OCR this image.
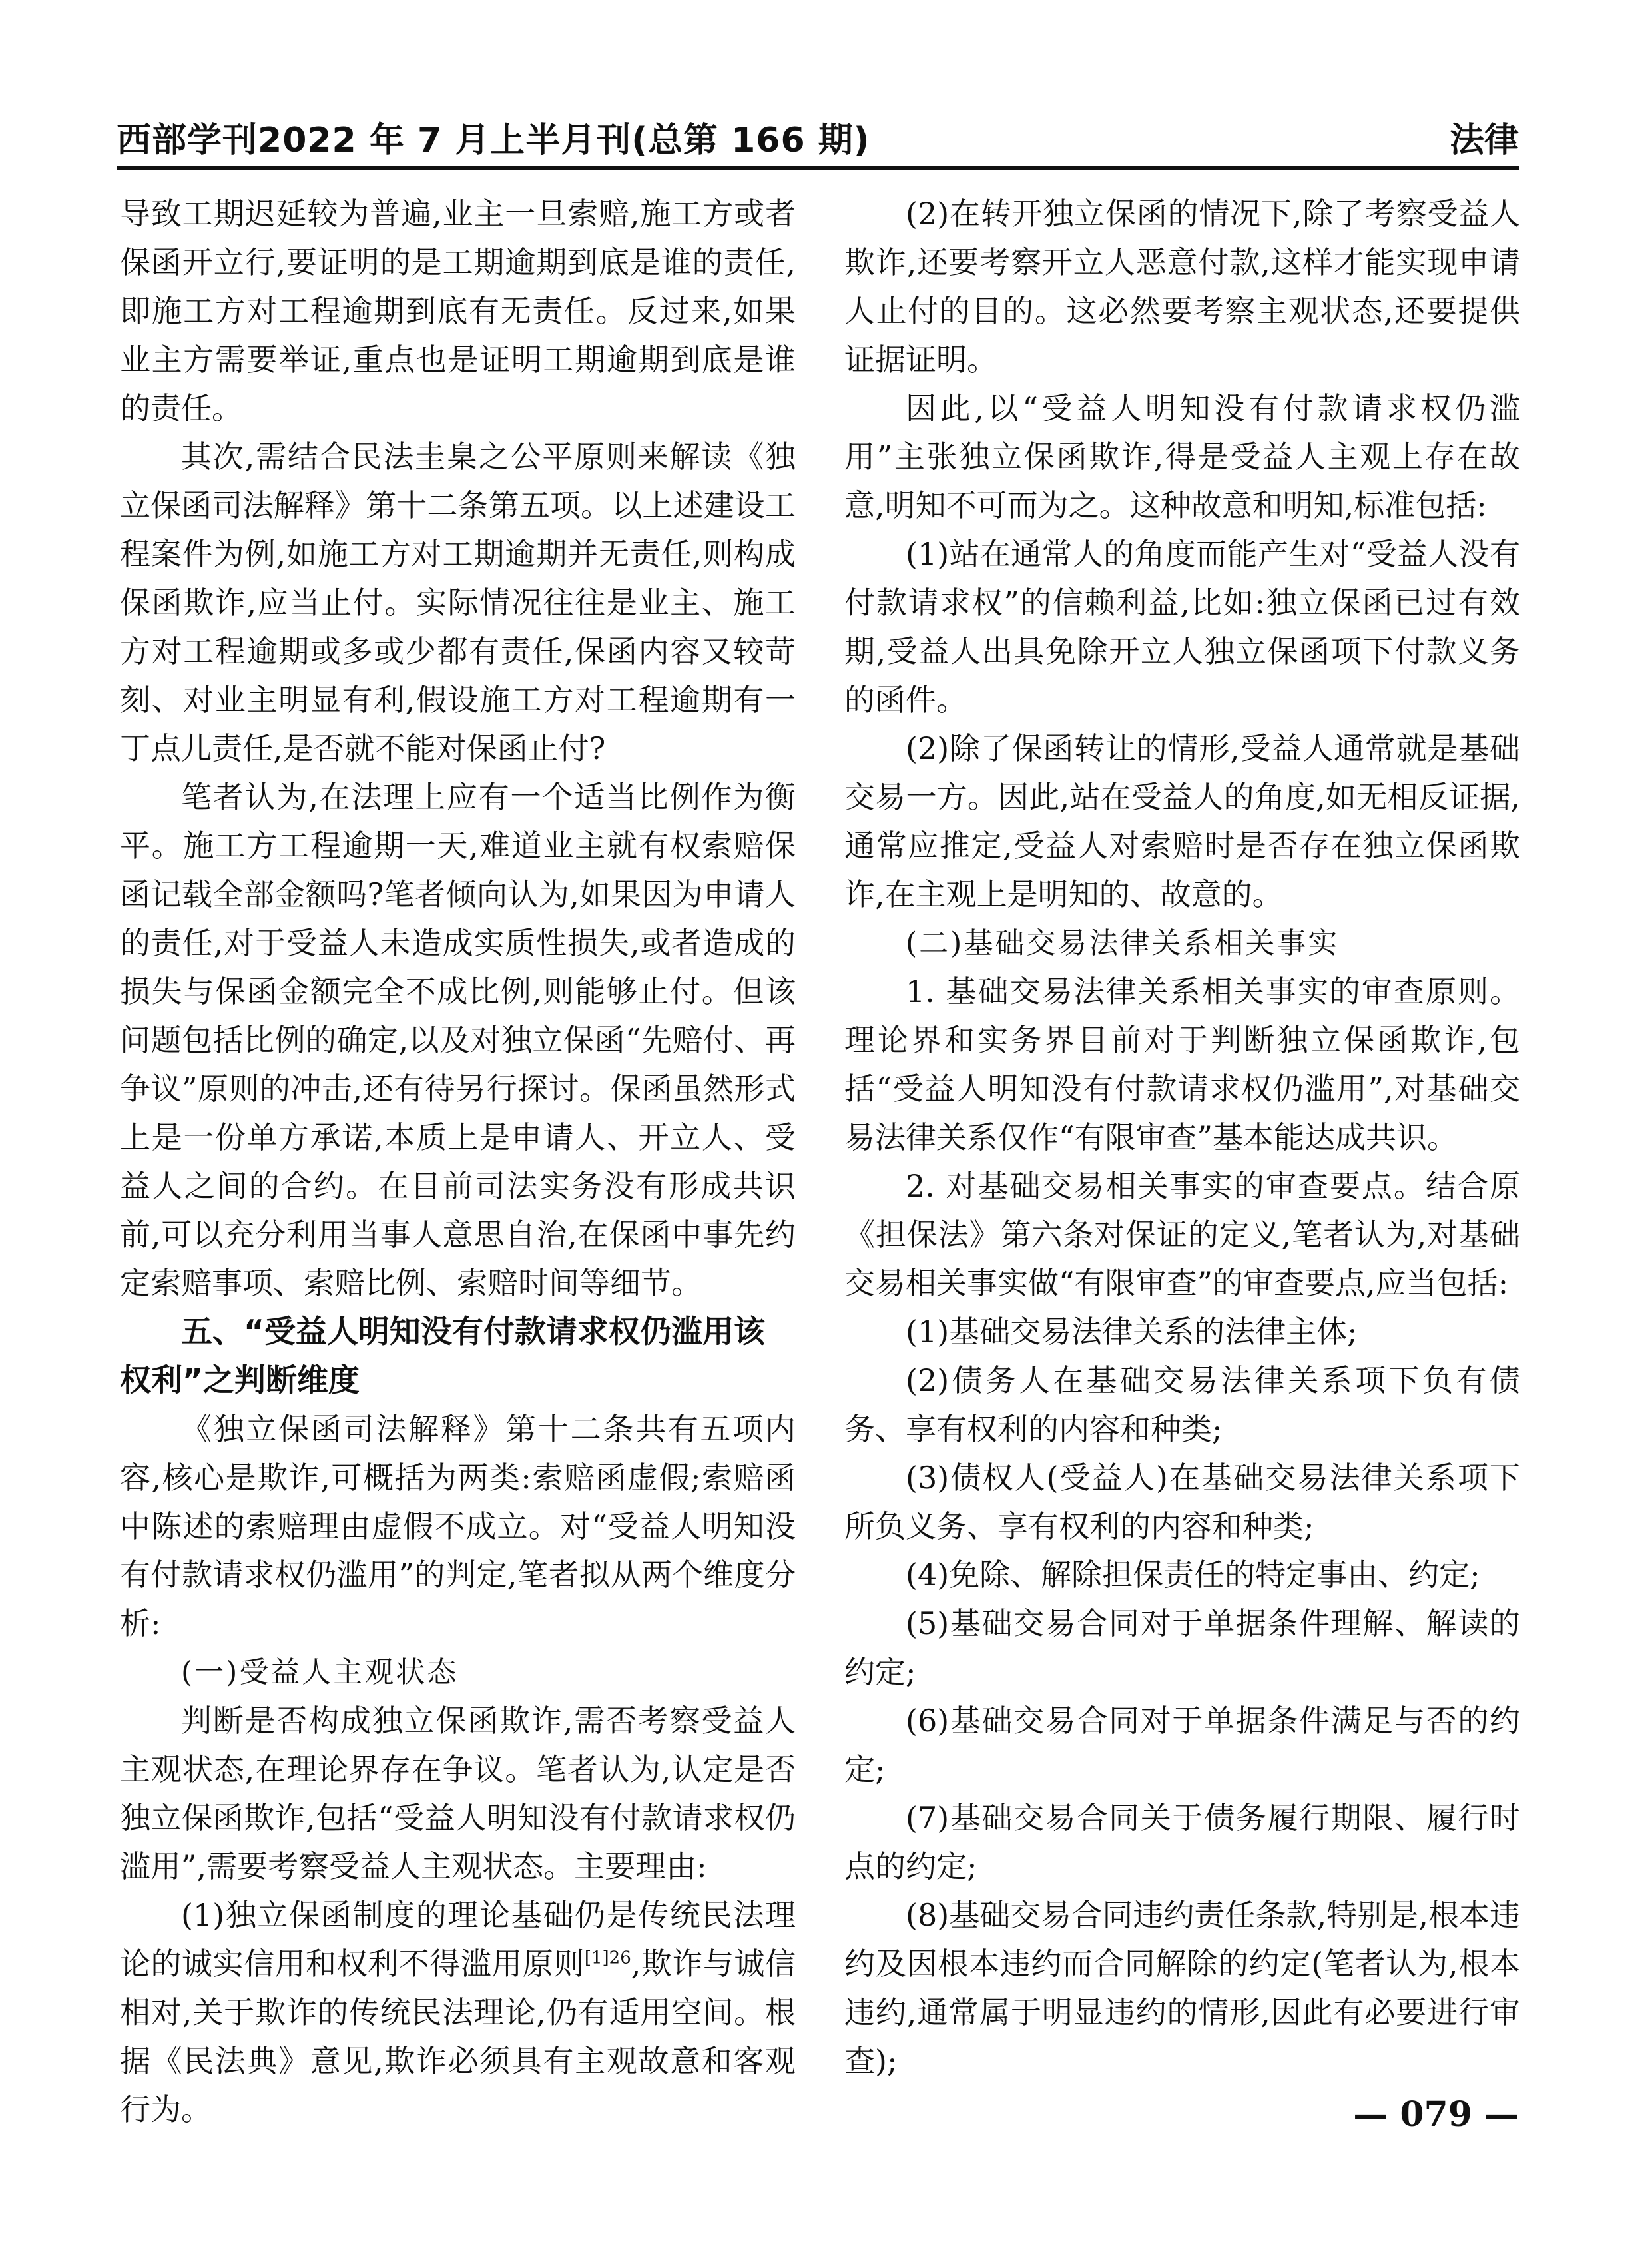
西部学刊2022 年 7 月上半月刊(总第 166 期)	法律

导致工期迟延较为普遍,业主一旦索赔,施工方或者保函开立行,要证明的是工期逾期到底是谁的责任,即施工方对工程逾期到底有无责任。反过来,如果业主方需要举证,重点也是证明工期逾期到底是谁的责任。

其次,需结合民法圭臬之公平原则来解读《独立保函司法解释》第十二条第五项。以上述建设工程案件为例,如施工方对工期逾期并无责任,则构成保函欺诈,应当止付。实际情况往往是业主、施工方对工程逾期或多或少都有责任,保函内容又较苛刻、对业主明显有利,假设施工方对工程逾期有一丁点儿责任,是否就不能对保函止付?

笔者认为,在法理上应有一个适当比例作为衡平。施工方工程逾期一天,难道业主就有权索赔保函记载全部金额吗?笔者倾向认为,如果因为申请人的责任,对于受益人未造成实质性损失,或者造成的损失与保函金额完全不成比例,则能够止付。但该问题包括比例的确定,以及对独立保函“先赔付、再争议”原则的冲击,还有待另行探讨。保函虽然形式上是一份单方承诺,本质上是申请人、开立人、受益人之间的合约。在目前司法实务没有形成共识前,可以充分利用当事人意思自治,在保函中事先约定索赔事项、索赔比例、索赔时间等细节。

五、“受益人明知没有付款请求权仍滥用该权利”之判断维度

《独立保函司法解释》第十二条共有五项内容,核心是欺诈,可概括为两类:索赔函虚假;索赔函中陈述的索赔理由虚假不成立。对“受益人明知没有付款请求权仍滥用”的判定,笔者拟从两个维度分析:

(一)受益人主观状态

判断是否构成独立保函欺诈,需否考察受益人主观状态,在理论界存在争议。笔者认为,认定是否独立保函欺诈,包括“受益人明知没有付款请求权仍滥用”,需要考察受益人主观状态。主要理由:

(1)独立保函制度的理论基础仍是传统民法理论的诚实信用和权利不得滥用原则$^{[1]26}$,欺诈与诚信相对,关于欺诈的传统民法理论,仍有适用空间。根据《民法典》意见,欺诈必须具有主观故意和客观行为。

(2)在转开独立保函的情况下,除了考察受益人欺诈,还要考察开立人恶意付款,这样才能实现申请人止付的目的。这必然要考察主观状态,还要提供证据证明。

因此,以“受益人明知没有付款请求权仍滥用”主张独立保函欺诈,得是受益人主观上存在故意,明知不可而为之。这种故意和明知,标准包括:

(1)站在通常人的角度而能产生对“受益人没有付款请求权”的信赖利益,比如:独立保函已过有效期,受益人出具免除开立人独立保函项下付款义务的函件。

(2)除了保函转让的情形,受益人通常就是基础交易一方。因此,站在受益人的角度,如无相反证据,通常应推定,受益人对索赔时是否存在独立保函欺诈,在主观上是明知的、故意的。

(二)基础交易法律关系相关事实

1. 基础交易法律关系相关事实的审查原则。理论界和实务界目前对于判断独立保函欺诈,包括“受益人明知没有付款请求权仍滥用”,对基础交易法律关系仅作“有限审查”基本能达成共识。

2. 对基础交易相关事实的审查要点。结合原《担保法》第六条对保证的定义,笔者认为,对基础交易相关事实做“有限审查”的审查要点,应当包括:

(1)基础交易法律关系的法律主体;

(2)债务人在基础交易法律关系项下负有债务、享有权利的内容和种类;

(3)债权人(受益人)在基础交易法律关系项下所负义务、享有权利的内容和种类;

(4)免除、解除担保责任的特定事由、约定;

(5)基础交易合同对于单据条件理解、解读的约定;

(6)基础交易合同对于单据条件满足与否的约定;

(7)基础交易合同关于债务履行期限、履行时点的约定;

(8)基础交易合同违约责任条款,特别是,根本违约及因根本违约而合同解除的约定(笔者认为,根本违约,通常属于明显违约的情形,因此有必要进行审查);

— 079 —
